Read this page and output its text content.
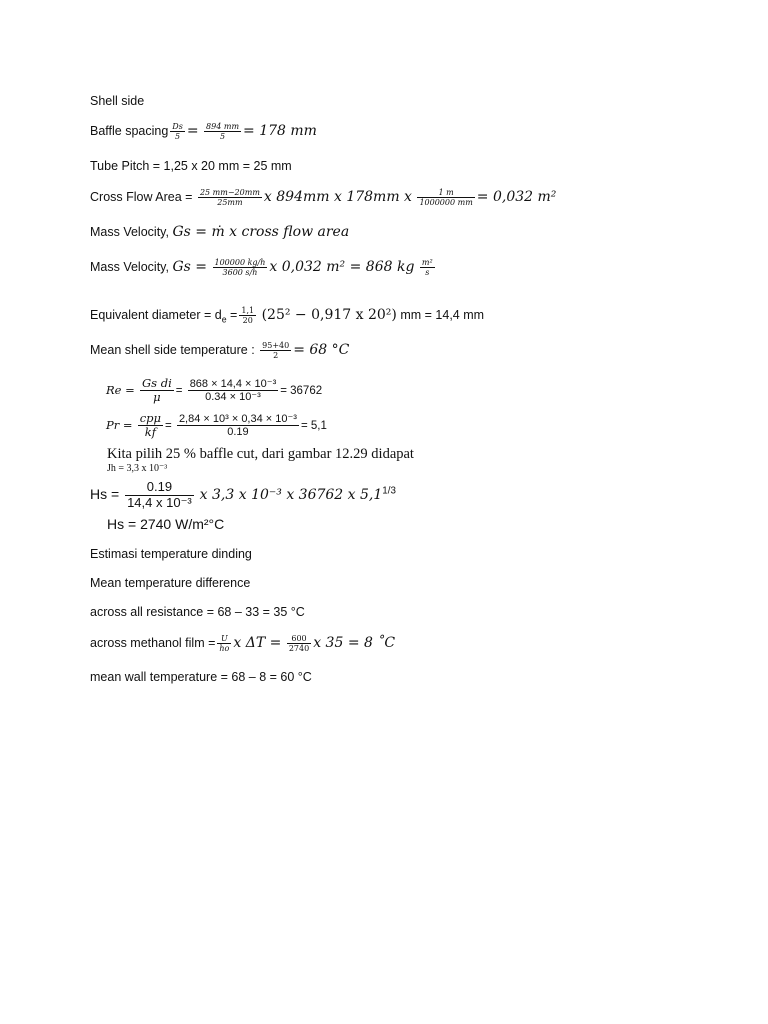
Shell side
Baffle spacing $\frac{Ds}{5} = \frac{894 mm}{5} = 178$ mm
Tube Pitch = 1,25 x 20 mm = 25 mm
Cross Flow Area = $\frac{25 mm-20mm}{25mm}$ x 894mm x 178mm x $\frac{1 m}{1000000 mm} = 0,032$ m²
Mass Velocity, Gs = ṁ x cross flow area
Mass Velocity, $Gs = \frac{100000 kg/h}{3600 s/h}$ x 0,032 m² = 868 kg $\frac{\text{m²}}{s}$
Equivalent diameter = $d_e = \frac{1,1}{20} (25^2 - 0,917$ x 20²) mm = 14,4 mm
Mean shell side temperature : $\frac{95+40}{2} = 68$ °C
$Re = \frac{\text{Gs di}}{\mu} = \frac{\text{868 × 14,4 × 10⁻³}}{\text{0.34 × 10⁻³}} = 36762$
$Pr = \frac{\text{cpμ}}{kf} = \frac{\text{2,84 × 10³ × 0,34 × 10⁻³}}{0.19} = 5,1$
Kita pilih 25 % baffle cut, dari gambar 12.29 didapat
Jh = 3,3 x 10⁻³
$Hs = \frac{0.19}{\text{14,4 x 10⁻³}}$ x 3,3 x 10⁻³ x 36762 x $5,1^{1/3}$
Hs = 2740 W/m²°C
Estimasi temperature dinding
Mean temperature difference
across all resistance = 68 – 33 = 35 °C
across methanol film = $\frac{U}{ho}$ x $\Delta T = \frac{600}{2740}$ x 35 = 8 ˚C
mean wall temperature = 68 – 8 = 60 °C
